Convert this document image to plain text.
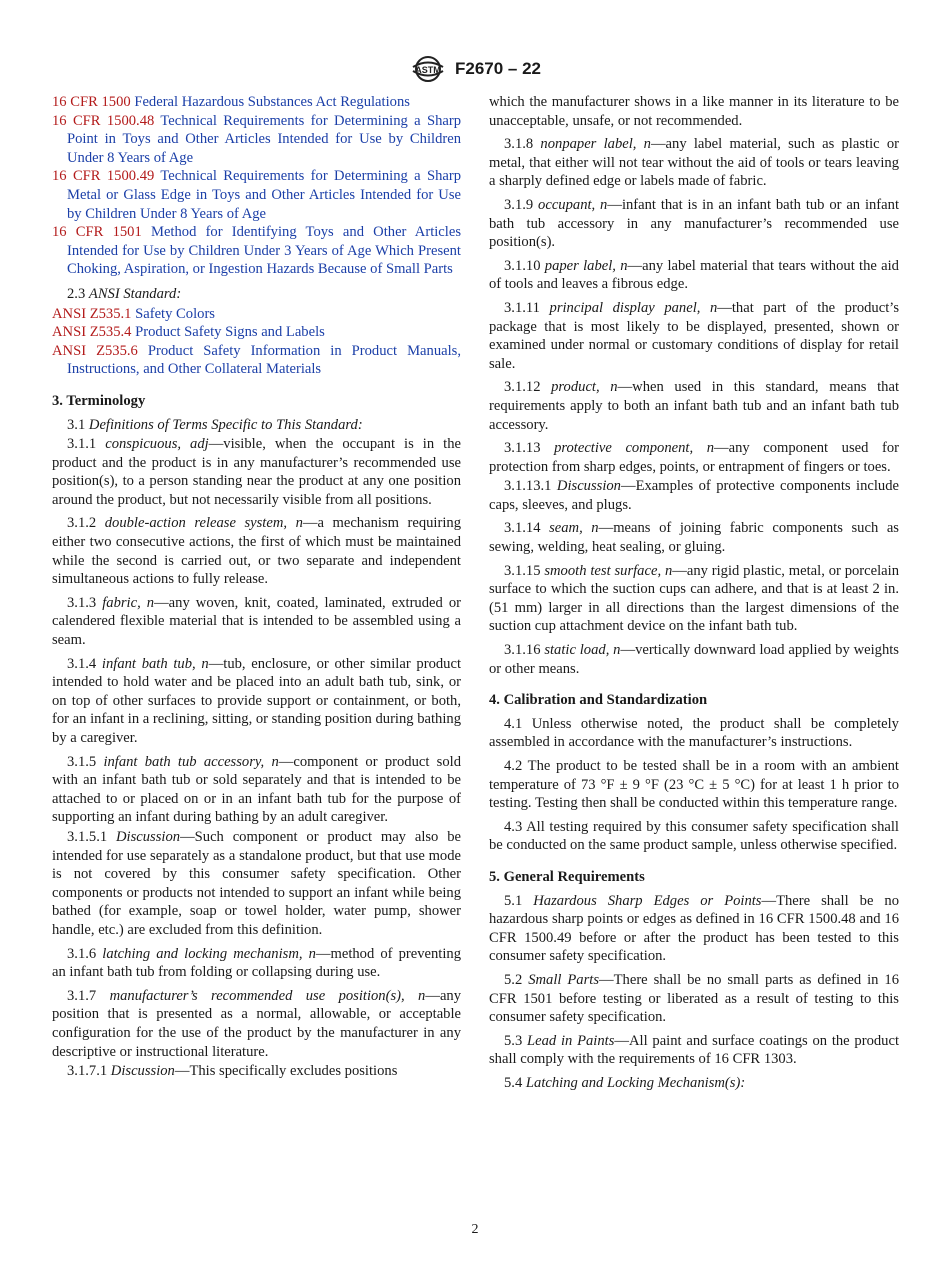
ASTM F2670 – 22

16 CFR 1500 Federal Hazardous Substances Act Regulations

16 CFR 1500.48 Technical Requirements for Determining a Sharp Point in Toys and Other Articles Intended for Use by Children Under 8 Years of Age

16 CFR 1500.49 Technical Requirements for Determining a Sharp Metal or Glass Edge in Toys and Other Articles Intended for Use by Children Under 8 Years of Age

16 CFR 1501 Method for Identifying Toys and Other Articles Intended for Use by Children Under 3 Years of Age Which Present Choking, Aspiration, or Ingestion Hazards Because of Small Parts

2.3 ANSI Standard:

ANSI Z535.1 Safety Colors

ANSI Z535.4 Product Safety Signs and Labels

ANSI Z535.6 Product Safety Information in Product Manuals, Instructions, and Other Collateral Materials

3. Terminology

3.1 Definitions of Terms Specific to This Standard:

3.1.1 conspicuous, adj—visible, when the occupant is in the product and the product is in any manufacturer’s recommended use position(s), to a person standing near the product at any one position around the product, but not necessarily visible from all positions.

3.1.2 double-action release system, n—a mechanism requiring either two consecutive actions, the first of which must be maintained while the second is carried out, or two separate and independent simultaneous actions to fully release.

3.1.3 fabric, n—any woven, knit, coated, laminated, extruded or calendered flexible material that is intended to be assembled using a seam.

3.1.4 infant bath tub, n—tub, enclosure, or other similar product intended to hold water and be placed into an adult bath tub, sink, or on top of other surfaces to provide support or containment, or both, for an infant in a reclining, sitting, or standing position during bathing by a caregiver.

3.1.5 infant bath tub accessory, n—component or product sold with an infant bath tub or sold separately and that is intended to be attached to or placed on or in an infant bath tub for the purpose of supporting an infant during bathing by an adult caregiver.

3.1.5.1 Discussion—Such component or product may also be intended for use separately as a standalone product, but that use mode is not covered by this consumer safety specification. Other components or products not intended to support an infant while being bathed (for example, soap or towel holder, water pump, shower handle, etc.) are excluded from this definition.

3.1.6 latching and locking mechanism, n—method of preventing an infant bath tub from folding or collapsing during use.

3.1.7 manufacturer’s recommended use position(s), n—any position that is presented as a normal, allowable, or acceptable configuration for the use of the product by the manufacturer in any descriptive or instructional literature.

3.1.7.1 Discussion—This specifically excludes positions

which the manufacturer shows in a like manner in its literature to be unacceptable, unsafe, or not recommended.

3.1.8 nonpaper label, n—any label material, such as plastic or metal, that either will not tear without the aid of tools or tears leaving a sharply defined edge or labels made of fabric.

3.1.9 occupant, n—infant that is in an infant bath tub or an infant bath tub accessory in any manufacturer’s recommended use position(s).

3.1.10 paper label, n—any label material that tears without the aid of tools and leaves a fibrous edge.

3.1.11 principal display panel, n—that part of the product’s package that is most likely to be displayed, presented, shown or examined under normal or customary conditions of display for retail sale.

3.1.12 product, n—when used in this standard, means that requirements apply to both an infant bath tub and an infant bath tub accessory.

3.1.13 protective component, n—any component used for protection from sharp edges, points, or entrapment of fingers or toes.

3.1.13.1 Discussion—Examples of protective components include caps, sleeves, and plugs.

3.1.14 seam, n—means of joining fabric components such as sewing, welding, heat sealing, or gluing.

3.1.15 smooth test surface, n—any rigid plastic, metal, or porcelain surface to which the suction cups can adhere, and that is at least 2 in. (51 mm) larger in all directions than the largest dimensions of the suction cup attachment device on the infant bath tub.

3.1.16 static load, n—vertically downward load applied by weights or other means.

4. Calibration and Standardization

4.1 Unless otherwise noted, the product shall be completely assembled in accordance with the manufacturer’s instructions.

4.2 The product to be tested shall be in a room with an ambient temperature of 73 °F ± 9 °F (23 °C ± 5 °C) for at least 1 h prior to testing. Testing then shall be conducted within this temperature range.

4.3 All testing required by this consumer safety specification shall be conducted on the same product sample, unless otherwise specified.

5. General Requirements

5.1 Hazardous Sharp Edges or Points—There shall be no hazardous sharp points or edges as defined in 16 CFR 1500.48 and 16 CFR 1500.49 before or after the product has been tested to this consumer safety specification.

5.2 Small Parts—There shall be no small parts as defined in 16 CFR 1501 before testing or liberated as a result of testing to this consumer safety specification.

5.3 Lead in Paints—All paint and surface coatings on the product shall comply with the requirements of 16 CFR 1303.

5.4 Latching and Locking Mechanism(s):

2
